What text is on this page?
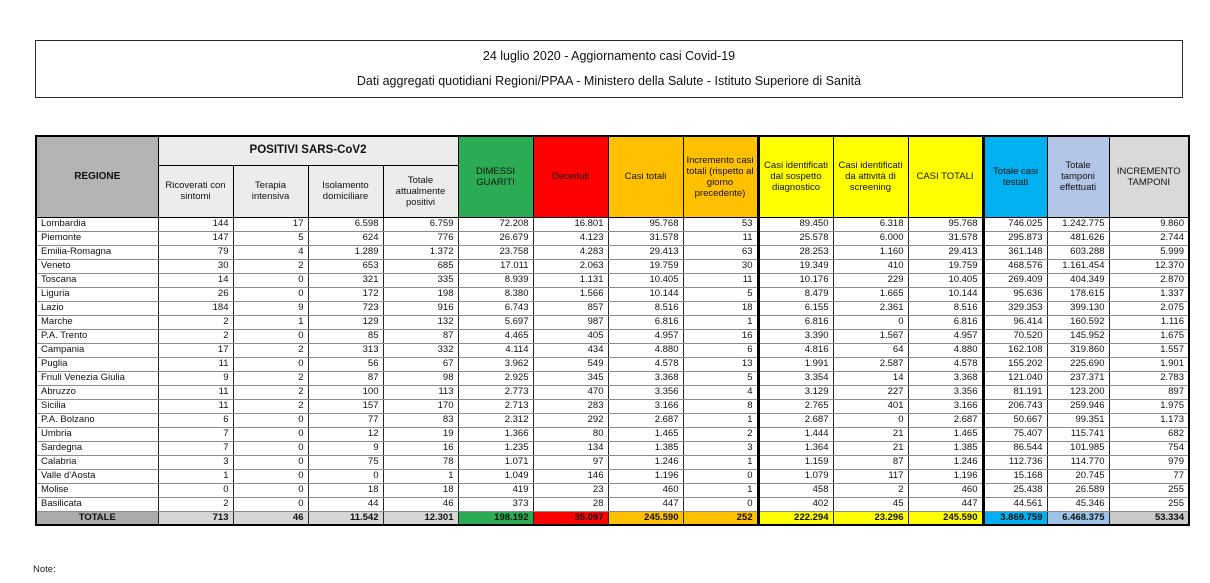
24 luglio 2020 - Aggiornamento casi Covid-19
Dati aggregati quotidiani Regioni/PPAA - Ministero della Salute - Istituto Superiore di Sanità
REGIONE	POSITIVI SARS-CoV2				DIMESSI GUARITI	Deceduti	Casi totali	Incremento casi totali (rispetto al giorno precedente)	Casi identificati dal sospetto diagnostico	Casi identificati da attività di screening	CASI TOTALI	Totale casi testati	Totale tamponi effettuati	INCREMENTO TAMPONI
	Ricoverati con sintomi	Terapia intensiva	Isolamento domiciliare	Totale attualmente positivi										
Lombardia	144	17	6.598	6.759	72.208	16.801	95.768	53	89.450	6.318	95.768	746.025	1.242.775	9.860
Piemonte	147	5	624	776	26.679	4.123	31.578	11	25.578	6.000	31.578	295.873	481.626	2.744
Emilia-Romagna	79	4	1.289	1.372	23.758	4.283	29.413	63	28.253	1.160	29.413	361.148	603.288	5.999
Veneto	30	2	653	685	17.011	2.063	19.759	30	19.349	410	19.759	468.576	1.161.454	12.370
Toscana	14	0	321	335	8.939	1.131	10.405	11	10.176	229	10.405	269.409	404.349	2.870
Liguria	26	0	172	198	8.380	1.566	10.144	5	8.479	1.665	10.144	95.636	178.615	1.337
Lazio	184	9	723	916	6.743	857	8.516	18	6.155	2.361	8.516	329.353	399.130	2.075
Marche	2	1	129	132	5.697	987	6.816	1	6.816	0	6.816	96.414	160.592	1.116
P.A. Trento	2	0	85	87	4.465	405	4.957	16	3.390	1.567	4.957	70.520	145.952	1.675
Campania	17	2	313	332	4.114	434	4.880	6	4.816	64	4.880	162.108	319.860	1.557
Puglia	11	0	56	67	3.962	549	4.578	13	1.991	2.587	4.578	155.202	225.690	1.901
Friuli Venezia Giulia	9	2	87	98	2.925	345	3.368	5	3.354	14	3.368	121.040	237.371	2.783
Abruzzo	11	2	100	113	2.773	470	3.356	4	3.129	227	3.356	81.191	123.200	897
Sicilia	11	2	157	170	2.713	283	3.166	8	2.765	401	3.166	206.743	259.946	1.975
P.A. Bolzano	6	0	77	83	2.312	292	2.687	1	2.687	0	2.687	50.667	99.351	1.173
Umbria	7	0	12	19	1.366	80	1.465	2	1.444	21	1.465	75.407	115.741	682
Sardegna	7	0	9	16	1.235	134	1.385	3	1.364	21	1.385	86.544	101.985	754
Calabria	3	0	75	78	1.071	97	1.246	1	1.159	87	1.246	112.736	114.770	979
Valle d'Aosta	1	0	0	1	1.049	146	1.196	0	1.079	117	1.196	15.168	20.745	77
Molise	0	0	18	18	419	23	460	1	458	2	460	25.438	26.589	255
Basilicata	2	0	44	46	373	28	447	0	402	45	447	44.561	45.346	255
TOTALE	713	46	11.542	12.301	198.192	35.097	245.590	252	222.294	23.296	245.590	3.869.759	6.468.375	53.334
Note:
